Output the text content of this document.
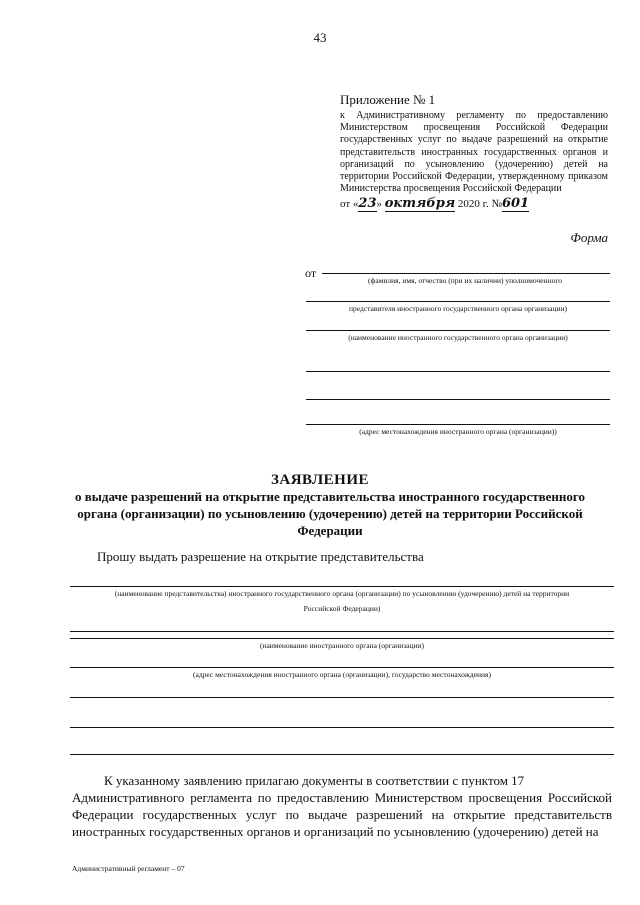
43
Приложение № 1
к Административному регламенту по предоставлению Министерством просвещения Российской Федерации государственных услуг по выдаче разрешений на открытие представительств иностранных государственных органов и организаций по усыновлению (удочерению) детей на территории Российской Федерации, утвержденному приказом Министерства просвещения Российской Федерации
от «23» октября 2020 г. №601
Форма
от
(фамилия, имя, отчество (при их наличии) уполномоченного
представителя иностранного государственного органа организации)
(наименование иностранного государственного органа организации)
(адрес местонахождения иностранного органа (организации))
ЗАЯВЛЕНИЕ
о выдаче разрешений на открытие представительства иностранного государственного органа (организации) по усыновлению (удочерению) детей на территории Российской Федерации
Прошу выдать разрешение на открытие представительства
(наименование представительства) иностранного государственного органа (организации) по усыновлению (удочерению) детей на территории
Российской Федерации)
(наименование иностранного органа (организации)
(адрес местонахождения иностранного органа (организации), государство местонахождения)
К указанному заявлению прилагаю документы в соответствии с пунктом 17
Административного регламента по предоставлению Министерством просвещения Российской Федерации государственных услуг по выдаче разрешений на открытие представительств иностранных государственных органов и организаций по усыновлению (удочерению) детей на
Административный регламент – 07
